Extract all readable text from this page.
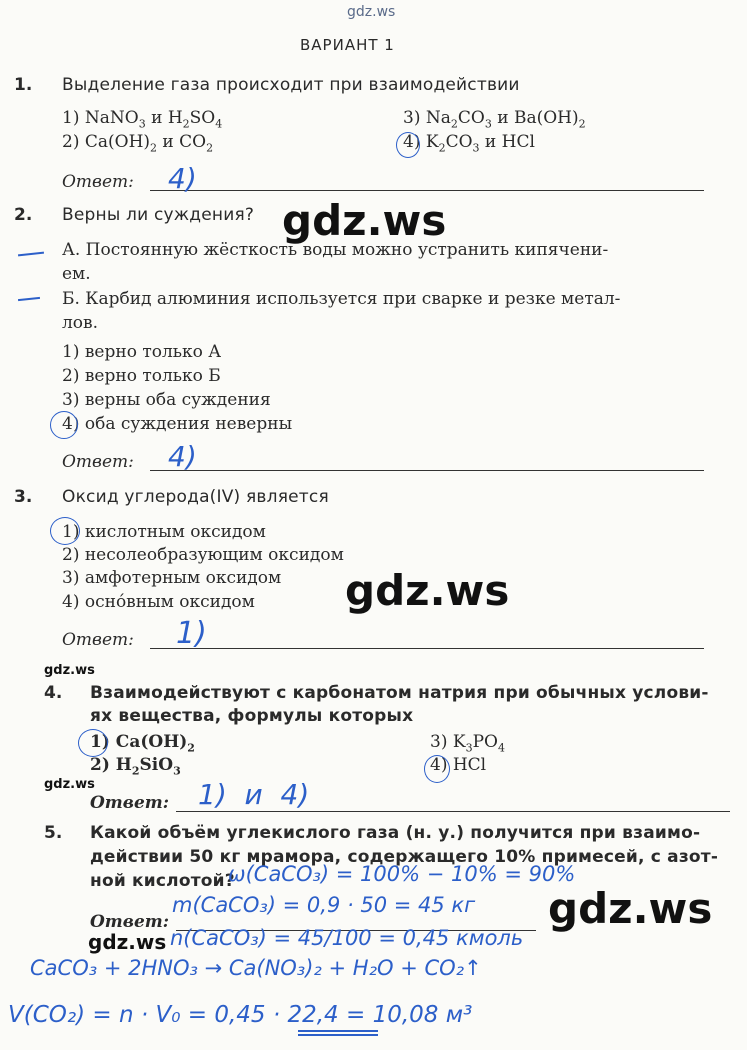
gdz.ws
gdz.ws
gdz.ws
gdz.ws
gdz.ws
gdz.ws
gdz.ws
ВАРИАНТ 1
1. Выделение газа происходит при взаимодействии
1) NaNO$_3$ и $H_2SO_4$
2) $Ca(OH)_2$ и $CO_2$
3) $Na_2CO_3$ и $Ba(OH)_2$
4) $K_2CO_3$ и HCl
Ответ: 4)
2. Верны ли суждения?
А. Постоянную жёсткость воды можно устранить кипячени-
ем.
Б. Карбид алюминия используется при сварке и резке метал-
лов.
1) верно только А
2) верно только Б
3) верны оба суждения
4) оба суждения неверны
Ответ: 4)
3. Оксид углерода(IV) является
1) кислотным оксидом
2) несолеобразующим оксидом
3) амфотерным оксидом
4) осно́вным оксидом
Ответ: 1)
4. Взаимодействуют с карбонатом натрия при обычных услови-
ях вещества, формулы которых
1) $Ca(OH)_2$
2) $H_2SiO_3$
3) $K_3PO_4$
4) HCl
Ответ: 1)  и  4)
5. Какой объём углекислого газа (н. у.) получится при взаимо-
действии 50 кг мрамора, содержащего 10% примесей, с азот-
ной кислотой?
ω(CaCO₃) = 100% − 10% = 90%
Ответ:
m(CaCO₃) = 0,9 · 50 = 45 кг
n(CaCO₃) = 45/100 = 0,45 кмоль
CaCO₃ + 2HNO₃ → Ca(NO₃)₂ + H₂O + CO₂↑
V(CO₂) = n · V₀ = 0,45 · 22,4 = 10,08 м³
